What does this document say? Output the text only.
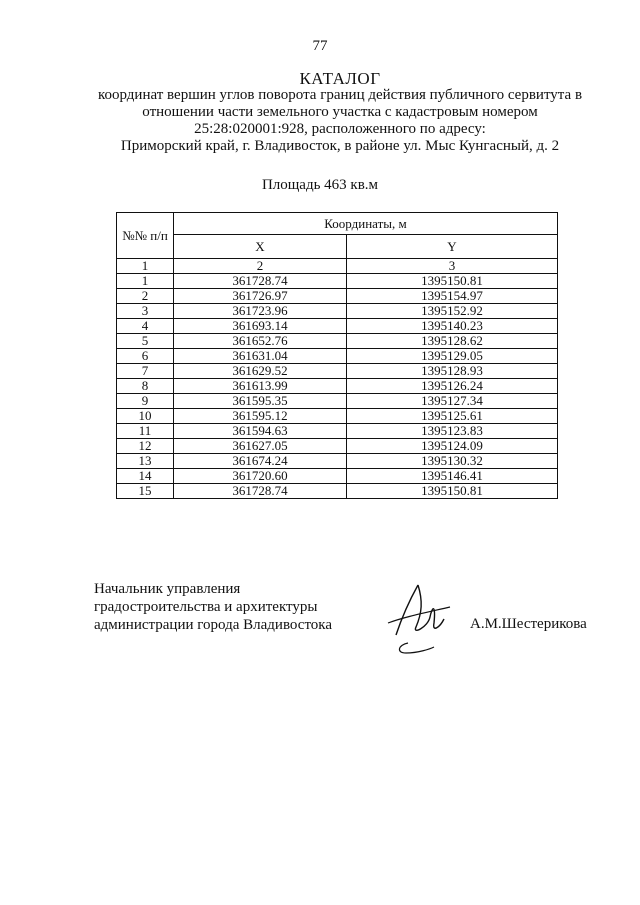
77
КАТАЛОГ
координат вершин углов поворота границ действия публичного сервитута в
отношении части земельного участка с кадастровым номером
25:28:020001:928, расположенного по адресу:
Приморский край, г. Владивосток, в районе ул. Мыс Кунгасный, д. 2
Площадь 463 кв.м
№№ п/п	Координаты, м	
	X	Y
1	2	3
1	361728.74	1395150.81
2	361726.97	1395154.97
3	361723.96	1395152.92
4	361693.14	1395140.23
5	361652.76	1395128.62
6	361631.04	1395129.05
7	361629.52	1395128.93
8	361613.99	1395126.24
9	361595.35	1395127.34
10	361595.12	1395125.61
11	361594.63	1395123.83
12	361627.05	1395124.09
13	361674.24	1395130.32
14	361720.60	1395146.41
15	361728.74	1395150.81
Начальник управления
градостроительства и архитектуры
администрации города Владивостока	А.М.Шестерикова
